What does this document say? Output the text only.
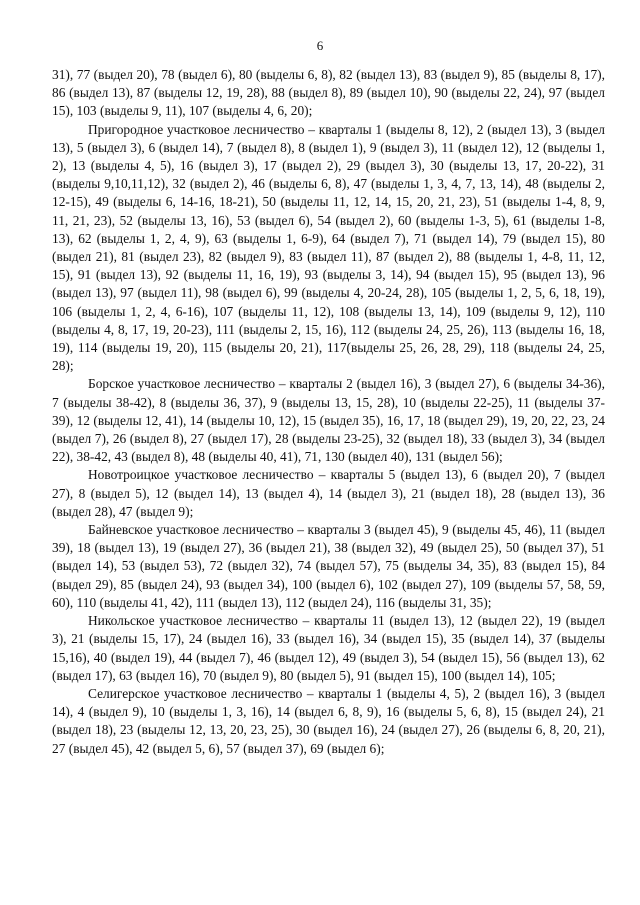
6

31), 77 (выдел 20), 78 (выдел 6), 80 (выделы 6, 8), 82 (выдел 13), 83 (выдел 9), 85 (выделы 8, 17), 86 (выдел 13), 87 (выделы 12, 19, 28), 88 (выдел 8), 89 (выдел 10), 90 (выделы 22, 24), 97 (выдел 15), 103 (выделы 9, 11), 107 (выделы 4, 6, 20);

Пригородное участковое лесничество – кварталы 1 (выделы 8, 12), 2 (выдел 13), 3 (выдел 13), 5 (выдел 3), 6 (выдел 14), 7 (выдел 8), 8 (выдел 1), 9 (выдел 3), 11 (выдел 12), 12 (выделы 1, 2), 13 (выделы 4, 5), 16 (выдел 3), 17 (выдел 2), 29 (выдел 3), 30 (выделы 13, 17, 20-22), 31 (выделы 9,10,11,12), 32 (выдел 2), 46 (выделы 6, 8), 47 (выделы 1, 3, 4, 7, 13, 14), 48 (выделы 2, 12-15), 49 (выделы 6, 14-16, 18-21), 50 (выделы 11, 12, 14, 15, 20, 21, 23), 51 (выделы 1-4, 8, 9, 11, 21, 23), 52 (выделы 13, 16), 53 (выдел 6), 54 (выдел 2), 60 (выделы 1-3, 5), 61 (выделы 1-8, 13), 62 (выделы 1, 2, 4, 9), 63 (выделы 1, 6-9), 64 (выдел 7), 71 (выдел 14), 79 (выдел 15), 80 (выдел 21), 81 (выдел 23), 82 (выдел 9), 83 (выдел 11), 87 (выдел 2), 88 (выделы 1, 4-8, 11, 12, 15), 91 (выдел 13), 92 (выделы 11, 16, 19), 93 (выделы 3, 14), 94 (выдел 15), 95 (выдел 13), 96 (выдел 13), 97 (выдел 11), 98 (выдел 6), 99 (выделы 4, 20-24, 28), 105 (выделы 1, 2, 5, 6, 18, 19), 106 (выделы 1, 2, 4, 6-16), 107 (выделы 11, 12), 108 (выделы 13, 14), 109 (выделы 9, 12), 110 (выделы 4, 8, 17, 19, 20-23), 111 (выделы 2, 15, 16), 112 (выделы 24, 25, 26), 113 (выделы 16, 18, 19), 114 (выделы 19, 20), 115 (выделы 20, 21), 117(выделы 25, 26, 28, 29), 118 (выделы 24, 25, 28);

Борское участковое лесничество – кварталы 2 (выдел 16), 3 (выдел 27), 6 (выделы 34-36), 7 (выделы 38-42), 8 (выделы 36, 37), 9 (выделы 13, 15, 28), 10 (выделы 22-25), 11 (выделы 37-39), 12 (выделы 12, 41), 14 (выделы 10, 12), 15 (выдел 35), 16, 17, 18 (выдел 29), 19, 20, 22, 23, 24 (выдел 7), 26 (выдел 8), 27 (выдел 17), 28 (выделы 23-25), 32 (выдел 18), 33 (выдел 3), 34 (выдел 22), 38-42, 43 (выдел 8), 48 (выделы 40, 41), 71, 130 (выдел 40), 131 (выдел 56);

Новотроицкое участковое лесничество – кварталы 5 (выдел 13), 6 (выдел 20), 7 (выдел 27), 8 (выдел 5), 12 (выдел 14), 13 (выдел 4), 14 (выдел 3), 21 (выдел 18), 28 (выдел 13), 36 (выдел 28), 47 (выдел 9);

Байневское участковое лесничество – кварталы 3 (выдел 45), 9 (выделы 45, 46), 11 (выдел 39), 18 (выдел 13), 19 (выдел 27), 36 (выдел 21), 38 (выдел 32), 49 (выдел 25), 50 (выдел 37), 51 (выдел 14), 53 (выдел 53), 72 (выдел 32), 74 (выдел 57), 75 (выделы 34, 35), 83 (выдел 15), 84 (выдел 29), 85 (выдел 24), 93 (выдел 34), 100 (выдел 6), 102 (выдел 27), 109 (выделы 57, 58, 59, 60), 110 (выделы 41, 42), 111 (выдел 13), 112 (выдел 24), 116 (выделы 31, 35);

Никольское участковое лесничество – кварталы 11 (выдел 13), 12 (выдел 22), 19 (выдел 3), 21 (выделы 15, 17), 24 (выдел 16), 33 (выдел 16), 34 (выдел 15), 35 (выдел 14), 37 (выделы 15,16), 40 (выдел 19), 44 (выдел 7), 46 (выдел 12), 49 (выдел 3), 54 (выдел 15), 56 (выдел 13), 62 (выдел 17), 63 (выдел 16), 70 (выдел 9), 80 (выдел 5), 91 (выдел 15), 100 (выдел 14), 105;

Селигерское участковое лесничество – кварталы 1 (выделы 4, 5), 2 (выдел 16), 3 (выдел 14), 4 (выдел 9), 10 (выделы 1, 3, 16), 14 (выдел 6, 8, 9), 16 (выделы 5, 6, 8), 15 (выдел 24), 21 (выдел 18), 23 (выделы 12, 13, 20, 23, 25), 30 (выдел 16), 24 (выдел 27), 26 (выделы 6, 8, 20, 21), 27 (выдел 45), 42 (выдел 5, 6), 57 (выдел 37), 69 (выдел 6);
